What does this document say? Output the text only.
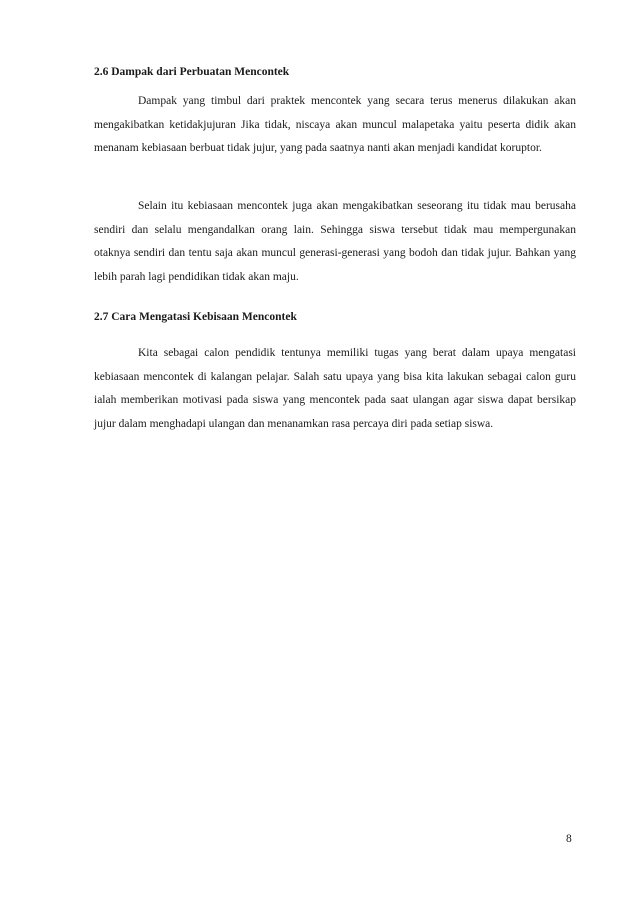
2.6 Dampak dari Perbuatan Mencontek

Dampak yang timbul dari praktek mencontek yang secara terus menerus dilakukan akan mengakibatkan ketidakjujuran Jika tidak, niscaya akan muncul malapetaka yaitu peserta didik akan menanam kebiasaan berbuat tidak jujur, yang pada saatnya nanti akan menjadi kandidat koruptor.

Selain itu kebiasaan mencontek juga akan mengakibatkan seseorang itu tidak mau berusaha sendiri dan selalu mengandalkan orang lain. Sehingga siswa tersebut tidak mau mempergunakan otaknya sendiri dan tentu saja akan muncul generasi-generasi yang bodoh dan tidak jujur. Bahkan yang lebih parah lagi pendidikan tidak akan maju.

2.7 Cara Mengatasi Kebisaan Mencontek

Kita sebagai calon pendidik tentunya memiliki tugas yang berat dalam upaya mengatasi kebiasaan mencontek di kalangan pelajar. Salah satu upaya yang bisa kita lakukan sebagai calon guru ialah memberikan motivasi pada siswa yang mencontek pada saat ulangan agar siswa dapat bersikap jujur dalam menghadapi ulangan dan menanamkan rasa percaya diri pada setiap siswa.

8
